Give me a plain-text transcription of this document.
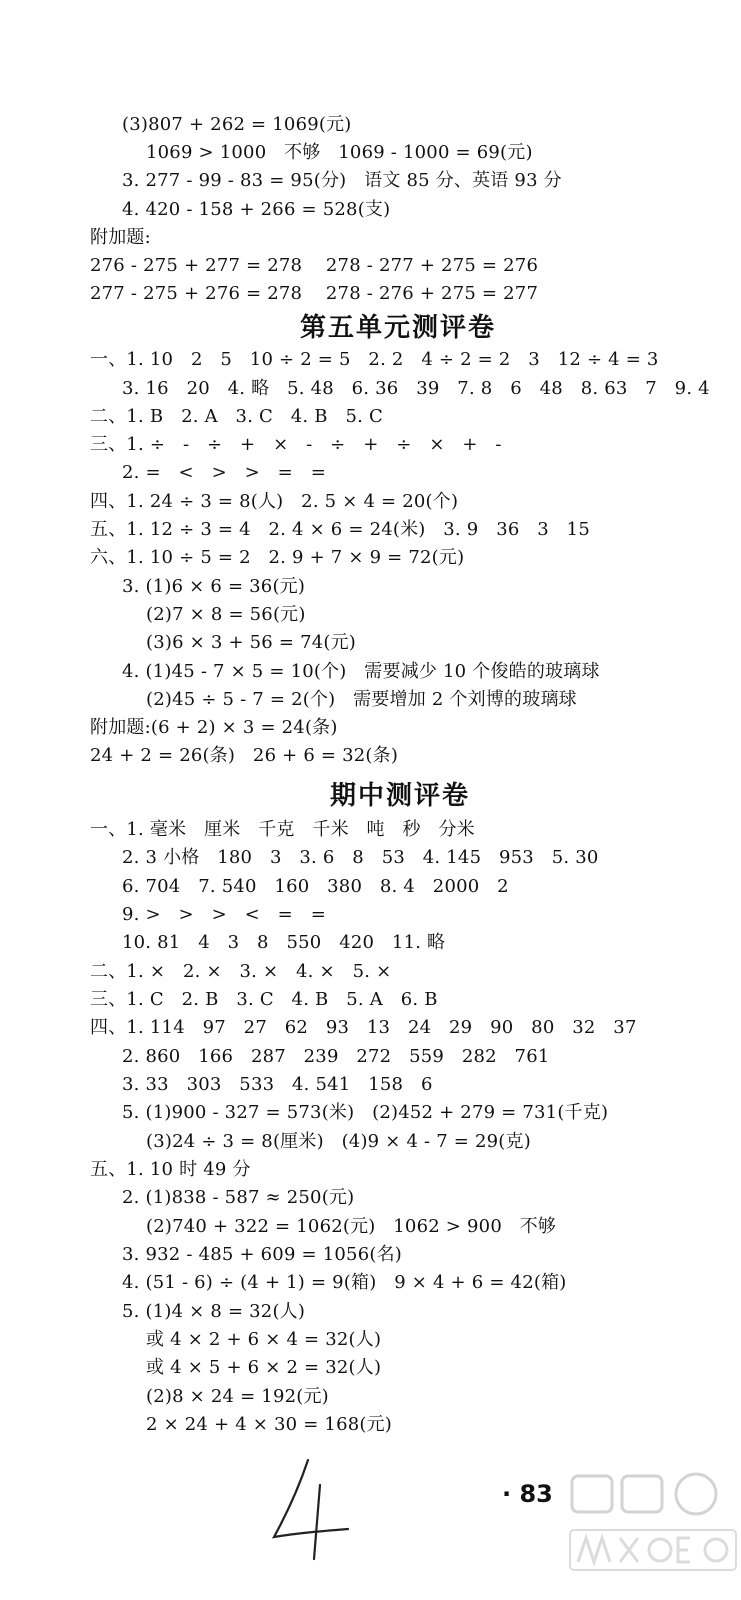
(3)807 + 262 = 1069(元)
1069 > 1000   不够   1069 - 1000 = 69(元)
3. 277 - 99 - 83 = 95(分)   语文 85 分、英语 93 分
4. 420 - 158 + 266 = 528(支)
附加题:
276 - 275 + 277 = 278    278 - 277 + 275 = 276
277 - 275 + 276 = 278    278 - 276 + 275 = 277
第五单元测评卷
一、1. 10   2   5   10 ÷ 2 = 5   2. 2   4 ÷ 2 = 2   3   12 ÷ 4 = 3
3. 16   20   4. 略   5. 48   6. 36   39   7. 8   6   48   8. 63   7   9. 4
二、1. B   2. A   3. C   4. B   5. C
三、1. ÷   -   ÷   +   ×   -   ÷   +   ÷   ×   +   -
2. =   <   >   >   =   =
四、1. 24 ÷ 3 = 8(人)   2. 5 × 4 = 20(个)
五、1. 12 ÷ 3 = 4   2. 4 × 6 = 24(米)   3. 9   36   3   15
六、1. 10 ÷ 5 = 2   2. 9 + 7 × 9 = 72(元)
3. (1)6 × 6 = 36(元)
(2)7 × 8 = 56(元)
(3)6 × 3 + 56 = 74(元)
4. (1)45 - 7 × 5 = 10(个)   需要减少 10 个俊皓的玻璃球
(2)45 ÷ 5 - 7 = 2(个)   需要增加 2 个刘博的玻璃球
附加题:(6 + 2) × 3 = 24(条)
24 + 2 = 26(条)   26 + 6 = 32(条)
期中测评卷
一、1. 毫米   厘米   千克   千米   吨   秒   分米
2. 3 小格   180   3   3. 6   8   53   4. 145   953   5. 30
6. 704   7. 540   160   380   8. 4   2000   2
9. >   >   >   <   =   =
10. 81   4   3   8   550   420   11. 略
二、1. ×   2. ×   3. ×   4. ×   5. ×
三、1. C   2. B   3. C   4. B   5. A   6. B
四、1. 114   97   27   62   93   13   24   29   90   80   32   37
2. 860   166   287   239   272   559   282   761
3. 33   303   533   4. 541   158   6
5. (1)900 - 327 = 573(米)   (2)452 + 279 = 731(千克)
(3)24 ÷ 3 = 8(厘米)   (4)9 × 4 - 7 = 29(克)
五、1. 10 时 49 分
2. (1)838 - 587 ≈ 250(元)
(2)740 + 322 = 1062(元)   1062 > 900   不够
3. 932 - 485 + 609 = 1056(名)
4. (51 - 6) ÷ (4 + 1) = 9(箱)   9 × 4 + 6 = 42(箱)
5. (1)4 × 8 = 32(人)
或 4 × 2 + 6 × 4 = 32(人)
或 4 × 5 + 6 × 2 = 32(人)
(2)8 × 24 = 192(元)
2 × 24 + 4 × 30 = 168(元)
· 83
